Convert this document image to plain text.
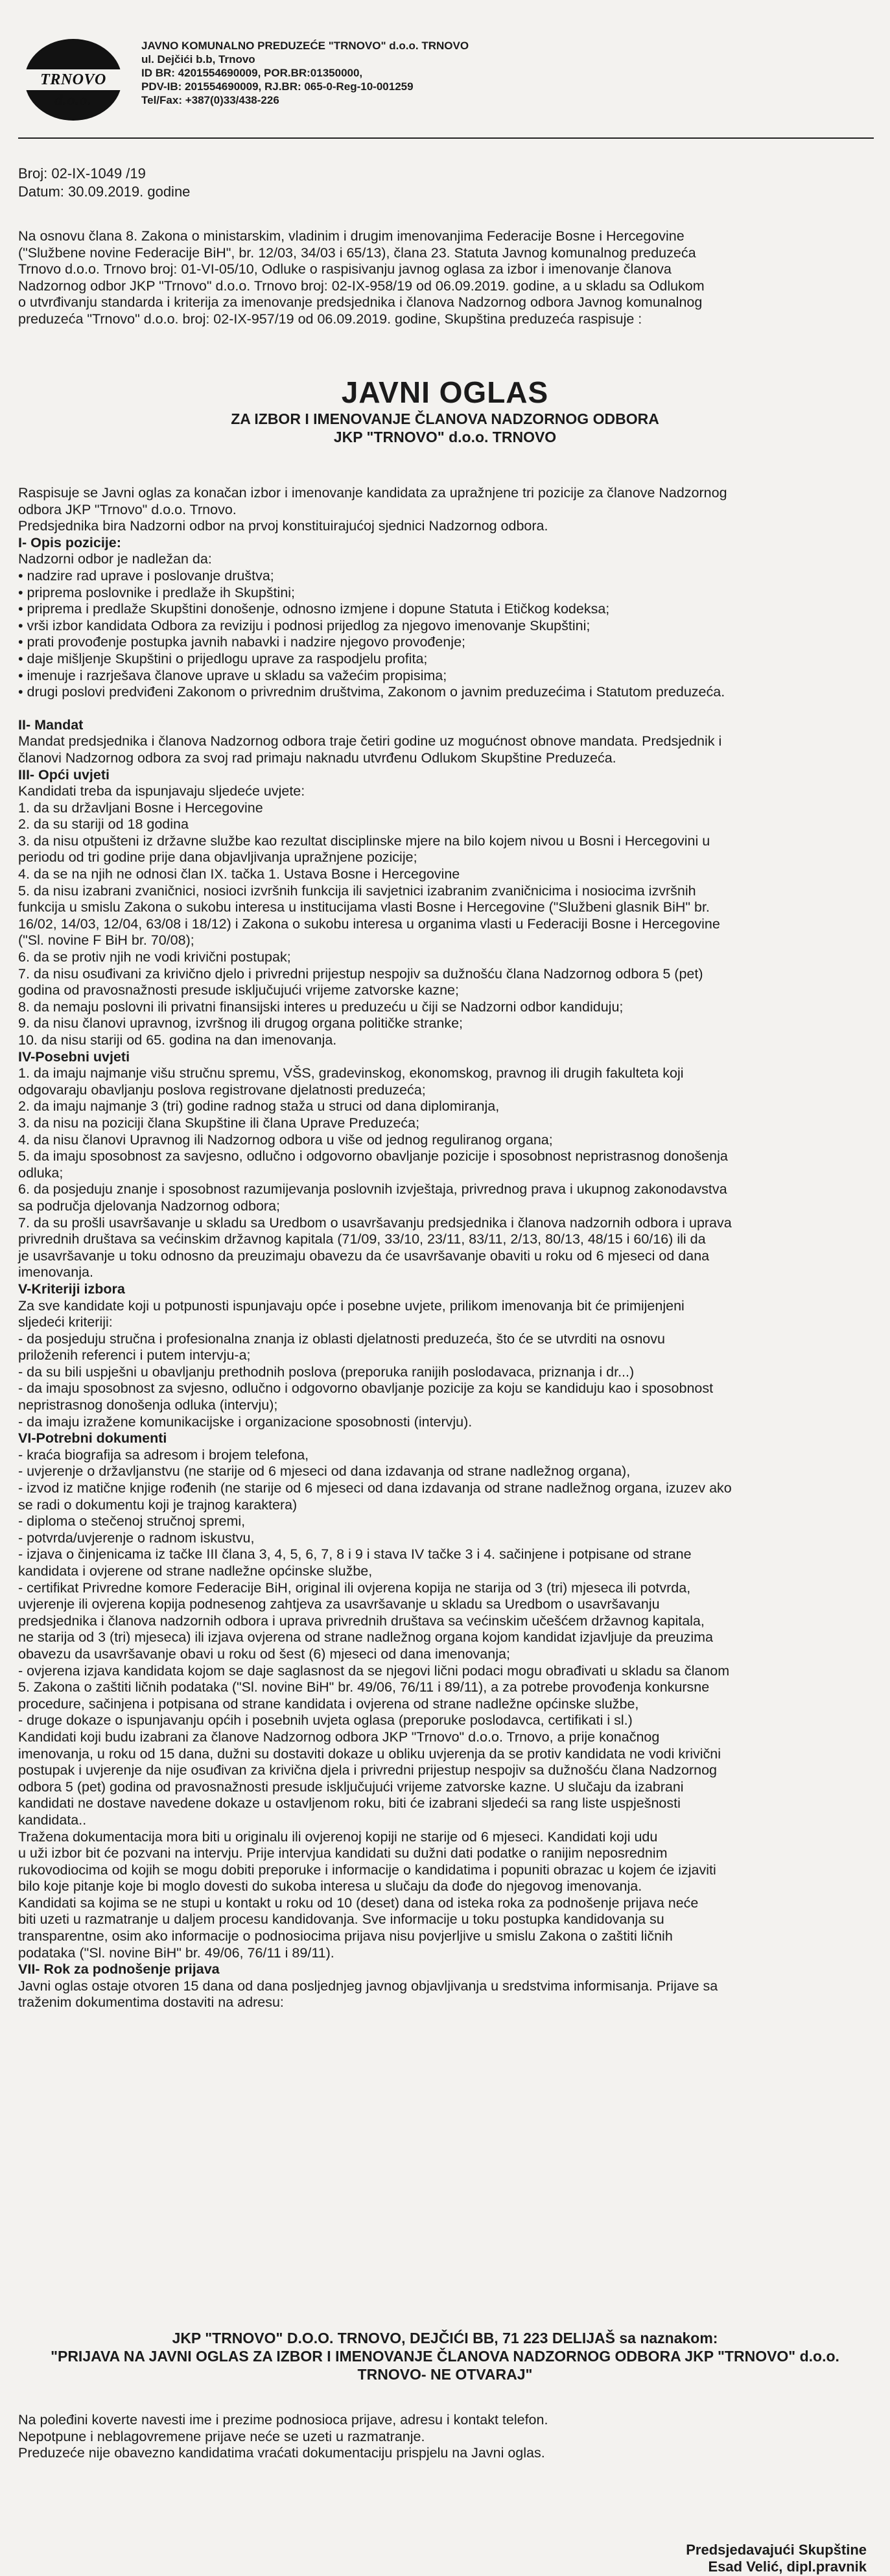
TRNOVO d.o.o.
JAVNO KOMUNALNO PREDUZEĆE "TRNOVO" d.o.o. TRNOVO
ul. Dejčići b.b, Trnovo
ID BR: 4201554690009, POR.BR:01350000,
PDV-IB: 201554690009, RJ.BR: 065-0-Reg-10-001259
Tel/Fax: +387(0)33/438-226
Broj: 02-IX-1049 /19
Datum: 30.09.2019. godine
Na osnovu člana 8. Zakona o ministarskim, vladinim i drugim imenovanjima Federacije Bosne i Hercegovine
("Službene novine Federacije BiH", br. 12/03, 34/03 i 65/13), člana 23. Statuta Javnog komunalnog preduzeća
Trnovo d.o.o. Trnovo broj: 01-VI-05/10, Odluke o raspisivanju javnog oglasa za izbor i imenovanje članova
Nadzornog odbor JKP "Trnovo" d.o.o. Trnovo broj: 02-IX-958/19 od 06.09.2019. godine, a u skladu sa Odlukom
o utvrđivanju standarda i kriterija za imenovanje predsjednika i članova Nadzornog odbora Javnog komunalnog
preduzeća "Trnovo" d.o.o. broj: 02-IX-957/19 od 06.09.2019. godine, Skupština preduzeća raspisuje :
JAVNI OGLAS
ZA IZBOR I IMENOVANJE ČLANOVA NADZORNOG ODBORA
JKP "TRNOVO" d.o.o. TRNOVO
Raspisuje se Javni oglas za konačan izbor i imenovanje kandidata za upražnjene tri pozicije za članove Nadzornog
odbora JKP "Trnovo" d.o.o. Trnovo.
Predsjednika bira Nadzorni odbor na prvoj konstituirajućoj sjednici Nadzornog odbora.
I- Opis pozicije:
Nadzorni odbor je nadležan da:
• nadzire rad uprave i poslovanje društva;
• priprema poslovnike i predlaže ih Skupštini;
• priprema i predlaže Skupštini donošenje, odnosno izmjene i dopune Statuta i Etičkog kodeksa;
• vrši izbor kandidata Odbora za reviziju i podnosi prijedlog za njegovo imenovanje Skupštini;
• prati provođenje postupka javnih nabavki i nadzire njegovo provođenje;
• daje mišljenje Skupštini o prijedlogu uprave za raspodjelu profita;
• imenuje i razrješava članove uprave u skladu sa važećim propisima;
• drugi poslovi predviđeni Zakonom o privrednim društvima, Zakonom o javnim preduzećima i Statutom preduzeća.
II- Mandat
Mandat predsjednika i članova Nadzornog odbora traje četiri godine uz mogućnost obnove mandata. Predsjednik i
članovi Nadzornog odbora za svoj rad primaju naknadu utvrđenu Odlukom Skupštine Preduzeća.
III- Opći uvjeti
Kandidati treba da ispunjavaju sljedeće uvjete:
1. da su državljani Bosne i Hercegovine
2. da su stariji od 18 godina
3. da nisu otpušteni iz državne službe kao rezultat disciplinske mjere na bilo kojem nivou u Bosni i Hercegovini u
periodu od tri godine prije dana objavljivanja upražnjene pozicije;
4. da se na njih ne odnosi član IX. tačka 1. Ustava Bosne i Hercegovine
5. da nisu izabrani zvaničnici, nosioci izvršnih funkcija ili savjetnici izabranim zvaničnicima i nosiocima izvršnih
funkcija u smislu Zakona o sukobu interesa u institucijama vlasti Bosne i Hercegovine ("Službeni glasnik BiH" br.
16/02, 14/03, 12/04, 63/08 i 18/12) i Zakona o sukobu interesa u organima vlasti u Federaciji Bosne i Hercegovine
("Sl. novine F BiH br. 70/08);
6. da se protiv njih ne vodi krivični postupak;
7. da nisu osuđivani za krivično djelo i privredni prijestup nespojiv sa dužnošću člana Nadzornog odbora 5 (pet)
godina od pravosnažnosti presude isključujući vrijeme zatvorske kazne;
8. da nemaju poslovni ili privatni finansijski interes u preduzeću u čiji se Nadzorni odbor kandiduju;
9. da nisu članovi upravnog, izvršnog ili drugog organa političke stranke;
10. da nisu stariji od 65. godina na dan imenovanja.
IV-Posebni uvjeti
1. da imaju najmanje višu stručnu spremu, VŠS, gradevinskog, ekonomskog, pravnog ili drugih fakulteta koji
odgovaraju obavljanju poslova registrovane djelatnosti preduzeća;
2. da imaju najmanje 3 (tri) godine radnog staža u struci od dana diplomiranja,
3. da nisu na poziciji člana Skupštine ili člana Uprave Preduzeća;
4. da nisu članovi Upravnog ili Nadzornog odbora u više od jednog reguliranog organa;
5. da imaju sposobnost za savjesno, odlučno i odgovorno obavljanje pozicije i sposobnost nepristrasnog donošenja
odluka;
6. da posjeduju znanje i sposobnost razumijevanja poslovnih izvještaja, privrednog prava i ukupnog zakonodavstva
sa područja djelovanja Nadzornog odbora;
7. da su prošli usavršavanje u skladu sa Uredbom o usavršavanju predsjednika i članova nadzornih odbora i uprava
privrednih društava sa većinskim državnog kapitala (71/09, 33/10, 23/11, 83/11, 2/13, 80/13, 48/15 i 60/16) ili da
je usavršavanje u toku odnosno da preuzimaju obavezu da će usavršavanje obaviti u roku od 6 mjeseci od dana
imenovanja.
V-Kriteriji izbora
Za sve kandidate koji u potpunosti ispunjavaju opće i posebne uvjete, prilikom imenovanja bit će primijenjeni
sljedeći kriteriji:
- da posjeduju stručna i profesionalna znanja iz oblasti djelatnosti preduzeća, što će se utvrditi na osnovu
priloženih referenci i putem intervju-a;
- da su bili uspješni u obavljanju prethodnih poslova (preporuka ranijih poslodavaca, priznanja i dr...)
- da imaju sposobnost za svjesno, odlučno i odgovorno obavljanje pozicije za koju se kandiduju kao i sposobnost
nepristrasnog donošenja odluka (intervju);
- da imaju izražene komunikacijske i organizacione sposobnosti (intervju).
VI-Potrebni dokumenti
- kraća biografija sa adresom i brojem telefona,
- uvjerenje o državljanstvu (ne starije od 6 mjeseci od dana izdavanja od strane nadležnog organa),
- izvod iz matične knjige rođenih (ne starije od 6 mjeseci od dana izdavanja od strane nadležnog organa, izuzev ako
se radi o dokumentu koji je trajnog karaktera)
- diploma o stečenoj stručnoj spremi,
- potvrda/uvjerenje o radnom iskustvu,
- izjava o činjenicama iz tačke III člana 3, 4, 5, 6, 7, 8 i 9 i stava IV tačke 3 i 4. sačinjene i potpisane od strane
kandidata i ovjerene od strane nadležne općinske službe,
- certifikat Privredne komore Federacije BiH, original ili ovjerena kopija ne starija od 3 (tri) mjeseca ili potvrda,
uvjerenje ili ovjerena kopija podnesenog zahtjeva za usavršavanje u skladu sa Uredbom o usavršavanju
predsjednika i članova nadzornih odbora i uprava privrednih društava sa većinskim učešćem državnog kapitala,
ne starija od 3 (tri) mjeseca) ili izjava ovjerena od strane nadležnog organa kojom kandidat izjavljuje da preuzima
obavezu da usavršavanje obavi u roku od šest (6) mjeseci od dana imenovanja;
- ovjerena izjava kandidata kojom se daje saglasnost da se njegovi lični podaci mogu obrađivati u skladu sa članom
5. Zakona o zaštiti ličnih podataka ("Sl. novine BiH" br. 49/06, 76/11 i 89/11), a za potrebe provođenja konkursne
procedure, sačinjena i potpisana od strane kandidata i ovjerena od strane nadležne općinske službe,
- druge dokaze o ispunjavanju općih i posebnih uvjeta oglasa (preporuke poslodavca, certifikati i sl.)
Kandidati koji budu izabrani za članove Nadzornog odbora JKP "Trnovo" d.o.o. Trnovo, a prije konačnog
imenovanja, u roku od 15 dana, dužni su dostaviti dokaze u obliku uvjerenja da se protiv kandidata ne vodi krivični
postupak i uvjerenje da nije osuđivan za krivična djela i privredni prijestup nespojiv sa dužnošću člana Nadzornog
odbora 5 (pet) godina od pravosnažnosti presude isključujući vrijeme zatvorske kazne. U slučaju da izabrani
kandidati ne dostave navedene dokaze u ostavljenom roku, biti će izabrani sljedeći sa rang liste uspješnosti
kandidata..
Tražena dokumentacija mora biti u originalu ili ovjerenoj kopiji ne starije od 6 mjeseci. Kandidati koji udu
u uži izbor bit će pozvani na intervju. Prije intervjua kandidati su dužni dati podatke o ranijim neposrednim
rukovodiocima od kojih se mogu dobiti preporuke i informacije o kandidatima i popuniti obrazac u kojem će izjaviti
bilo koje pitanje koje bi moglo dovesti do sukoba interesa u slučaju da dođe do njegovog imenovanja.
Kandidati sa kojima se ne stupi u kontakt u roku od 10 (deset) dana od isteka roka za podnošenje prijava neće
biti uzeti u razmatranje u daljem procesu kandidovanja. Sve informacije u toku postupka kandidovanja su
transparentne, osim ako informacije o podnosiocima prijava nisu povjerljive u smislu Zakona o zaštiti ličnih
podataka ("Sl. novine BiH" br. 49/06, 76/11 i 89/11).
VII- Rok za podnošenje prijava
Javni oglas ostaje otvoren 15 dana od dana posljednjeg javnog objavljivanja u sredstvima informisanja. Prijave sa
traženim dokumentima dostaviti na adresu:
JKP "TRNOVO" D.O.O. TRNOVO, DEJČIĆI BB, 71 223 DELIJAŠ sa naznakom:
"PRIJAVA NA JAVNI OGLAS ZA IZBOR I IMENOVANJE ČLANOVA NADZORNOG ODBORA JKP "TRNOVO" d.o.o.
TRNOVO- NE OTVARAJ"
Na poleđini koverte navesti ime i prezime podnosioca prijave, adresu i kontakt telefon.
Nepotpune i neblagovremene prijave neće se uzeti u razmatranje.
Preduzeće nije obavezno kandidatima vraćati dokumentaciju prispjelu na Javni oglas.
Predsjedavajući Skupštine
Esad Velić, dipl.pravnik
